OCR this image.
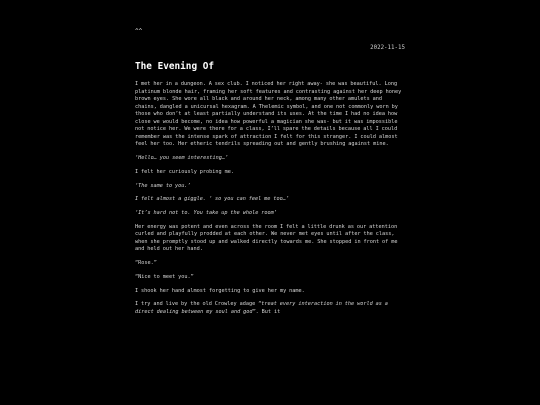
^^
2022-11-15
The Evening Of

I met her in a dungeon. A sex club. I noticed her right away- she was beautiful. Long platinum blonde hair, framing her soft features and contrasting against her deep honey brown eyes. She wore all black and around her neck, among many other amulets and chains, dangled a unicursal hexagram. A Thelemic symbol, and one not commonly worn by those who don’t at least partially understand its uses. At the time I had no idea how close we would become, no idea how powerful a magician she was- but it was impossible not notice her. We were there for a class, I’ll spare the details because all I could remember was the intense spark of attraction I felt for this stranger. I could almost feel her too. Her etheric tendrils spreading out and gently brushing against mine.

‘Hello… you seem interesting…’

I felt her curiously probing me.

‘The same to you.’

I felt almost a giggle. ‘ so you can feel me too…’

‘It’s hard not to. You take up the whole room’

Her energy was potent and even across the room I felt a little drunk as our attention curled and playfully prodded at each other. We never met eyes until after the class, when she promptly stood up and walked directly towards me. She stopped in front of me and held out her hand.

“Rose.”

“Nice to meet you.”

I shook her hand almost forgetting to give her my name.

I try and live by the old Crowley adage “treat every interaction in the world as a direct dealing between my soul and god”. But it
